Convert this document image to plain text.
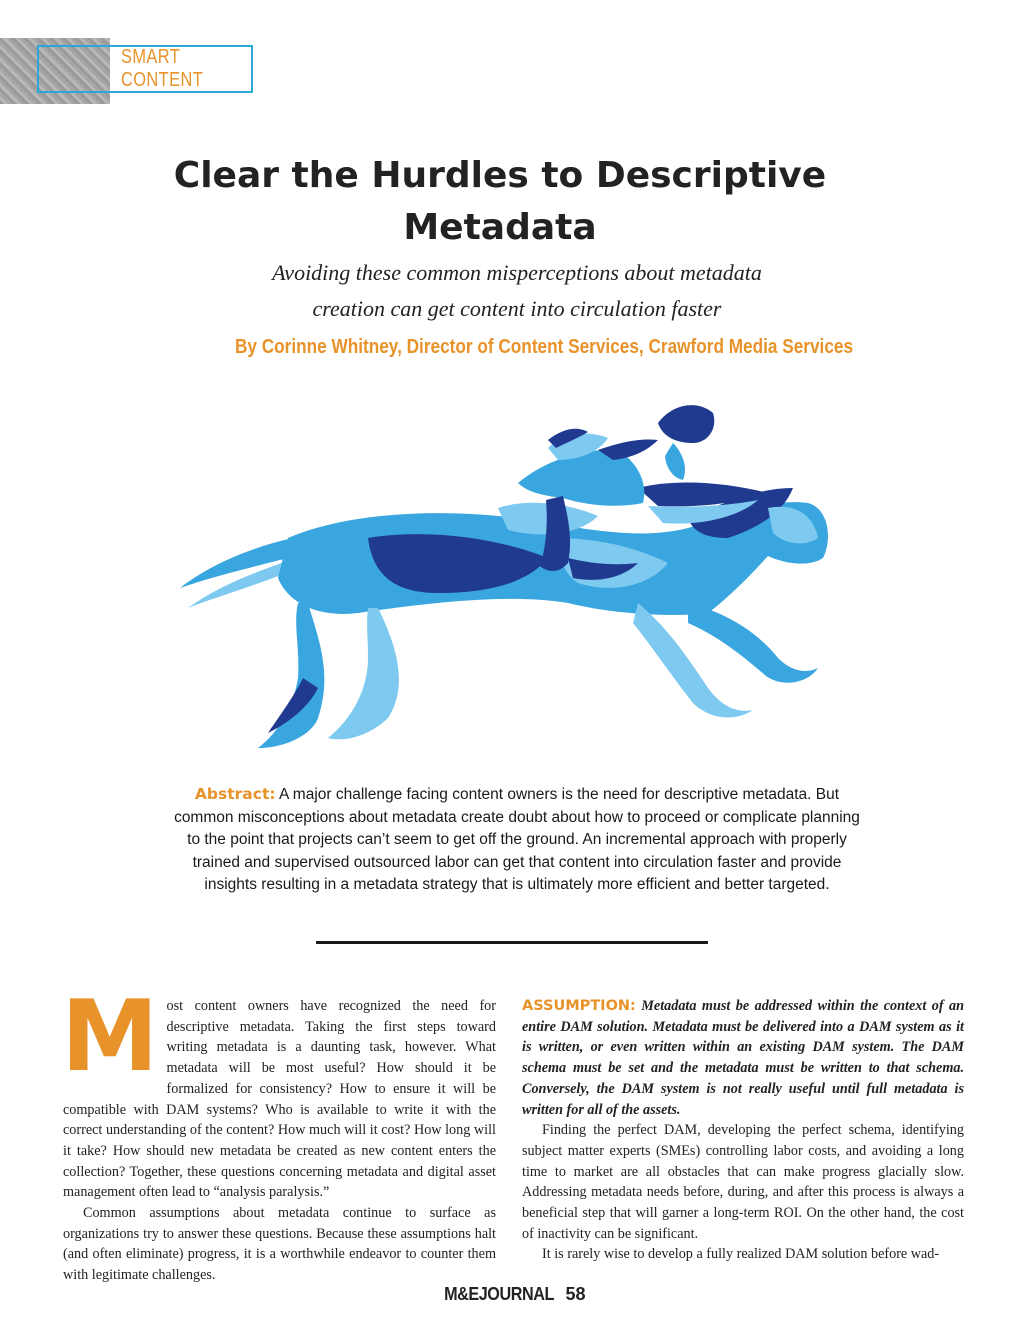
SMART CONTENT
Clear the Hurdles to Descriptive
Metadata
Avoiding these common misperceptions about metadata
creation can get content into circulation faster
By Corinne Whitney, Director of Content Services, Crawford Media Services
Abstract: A major challenge facing content owners is the need for descriptive metadata. But common misconceptions about metadata create doubt about how to proceed or complicate planning to the point that projects can’t seem to get off the ground. An incremental approach with properly trained and supervised outsourced labor can get that content into circulation faster and provide insights resulting in a metadata strategy that is ultimately more efficient and better targeted.
M ost content owners have recognized the need for descriptive metadata. Taking the first steps toward writing metadata is a daunting task, however. What metadata will be most useful? How should it be formalized for consistency? How to ensure it will be compatible with DAM systems? Who is available to write it with the correct understanding of the content? How much will it cost? How long will it take? How should new metadata be created as new content enters the collection? Together, these questions concerning metadata and digital asset management often lead to “analysis paralysis.”

Common assumptions about metadata continue to surface as organizations try to answer these questions. Because these assumptions halt (and often eliminate) progress, it is a worthwhile endeavor to counter them with legitimate challenges.

ASSUMPTION: Metadata must be addressed within the context of an entire DAM solution. Metadata must be delivered into a DAM system as it is written, or even written within an existing DAM system. The DAM schema must be set and the metadata must be written to that schema. Conversely, the DAM system is not really useful until full metadata is written for all of the assets.

Finding the perfect DAM, developing the perfect schema, identifying subject matter experts (SMEs) controlling labor costs, and avoiding a long time to market are all obstacles that can make progress glacially slow. Addressing metadata needs before, during, and after this process is always a beneficial step that will garner a long-term ROI. On the other hand, the cost of inactivity can be significant.

It is rarely wise to develop a fully realized DAM solution before wad-

M&EJOURNAL 58
